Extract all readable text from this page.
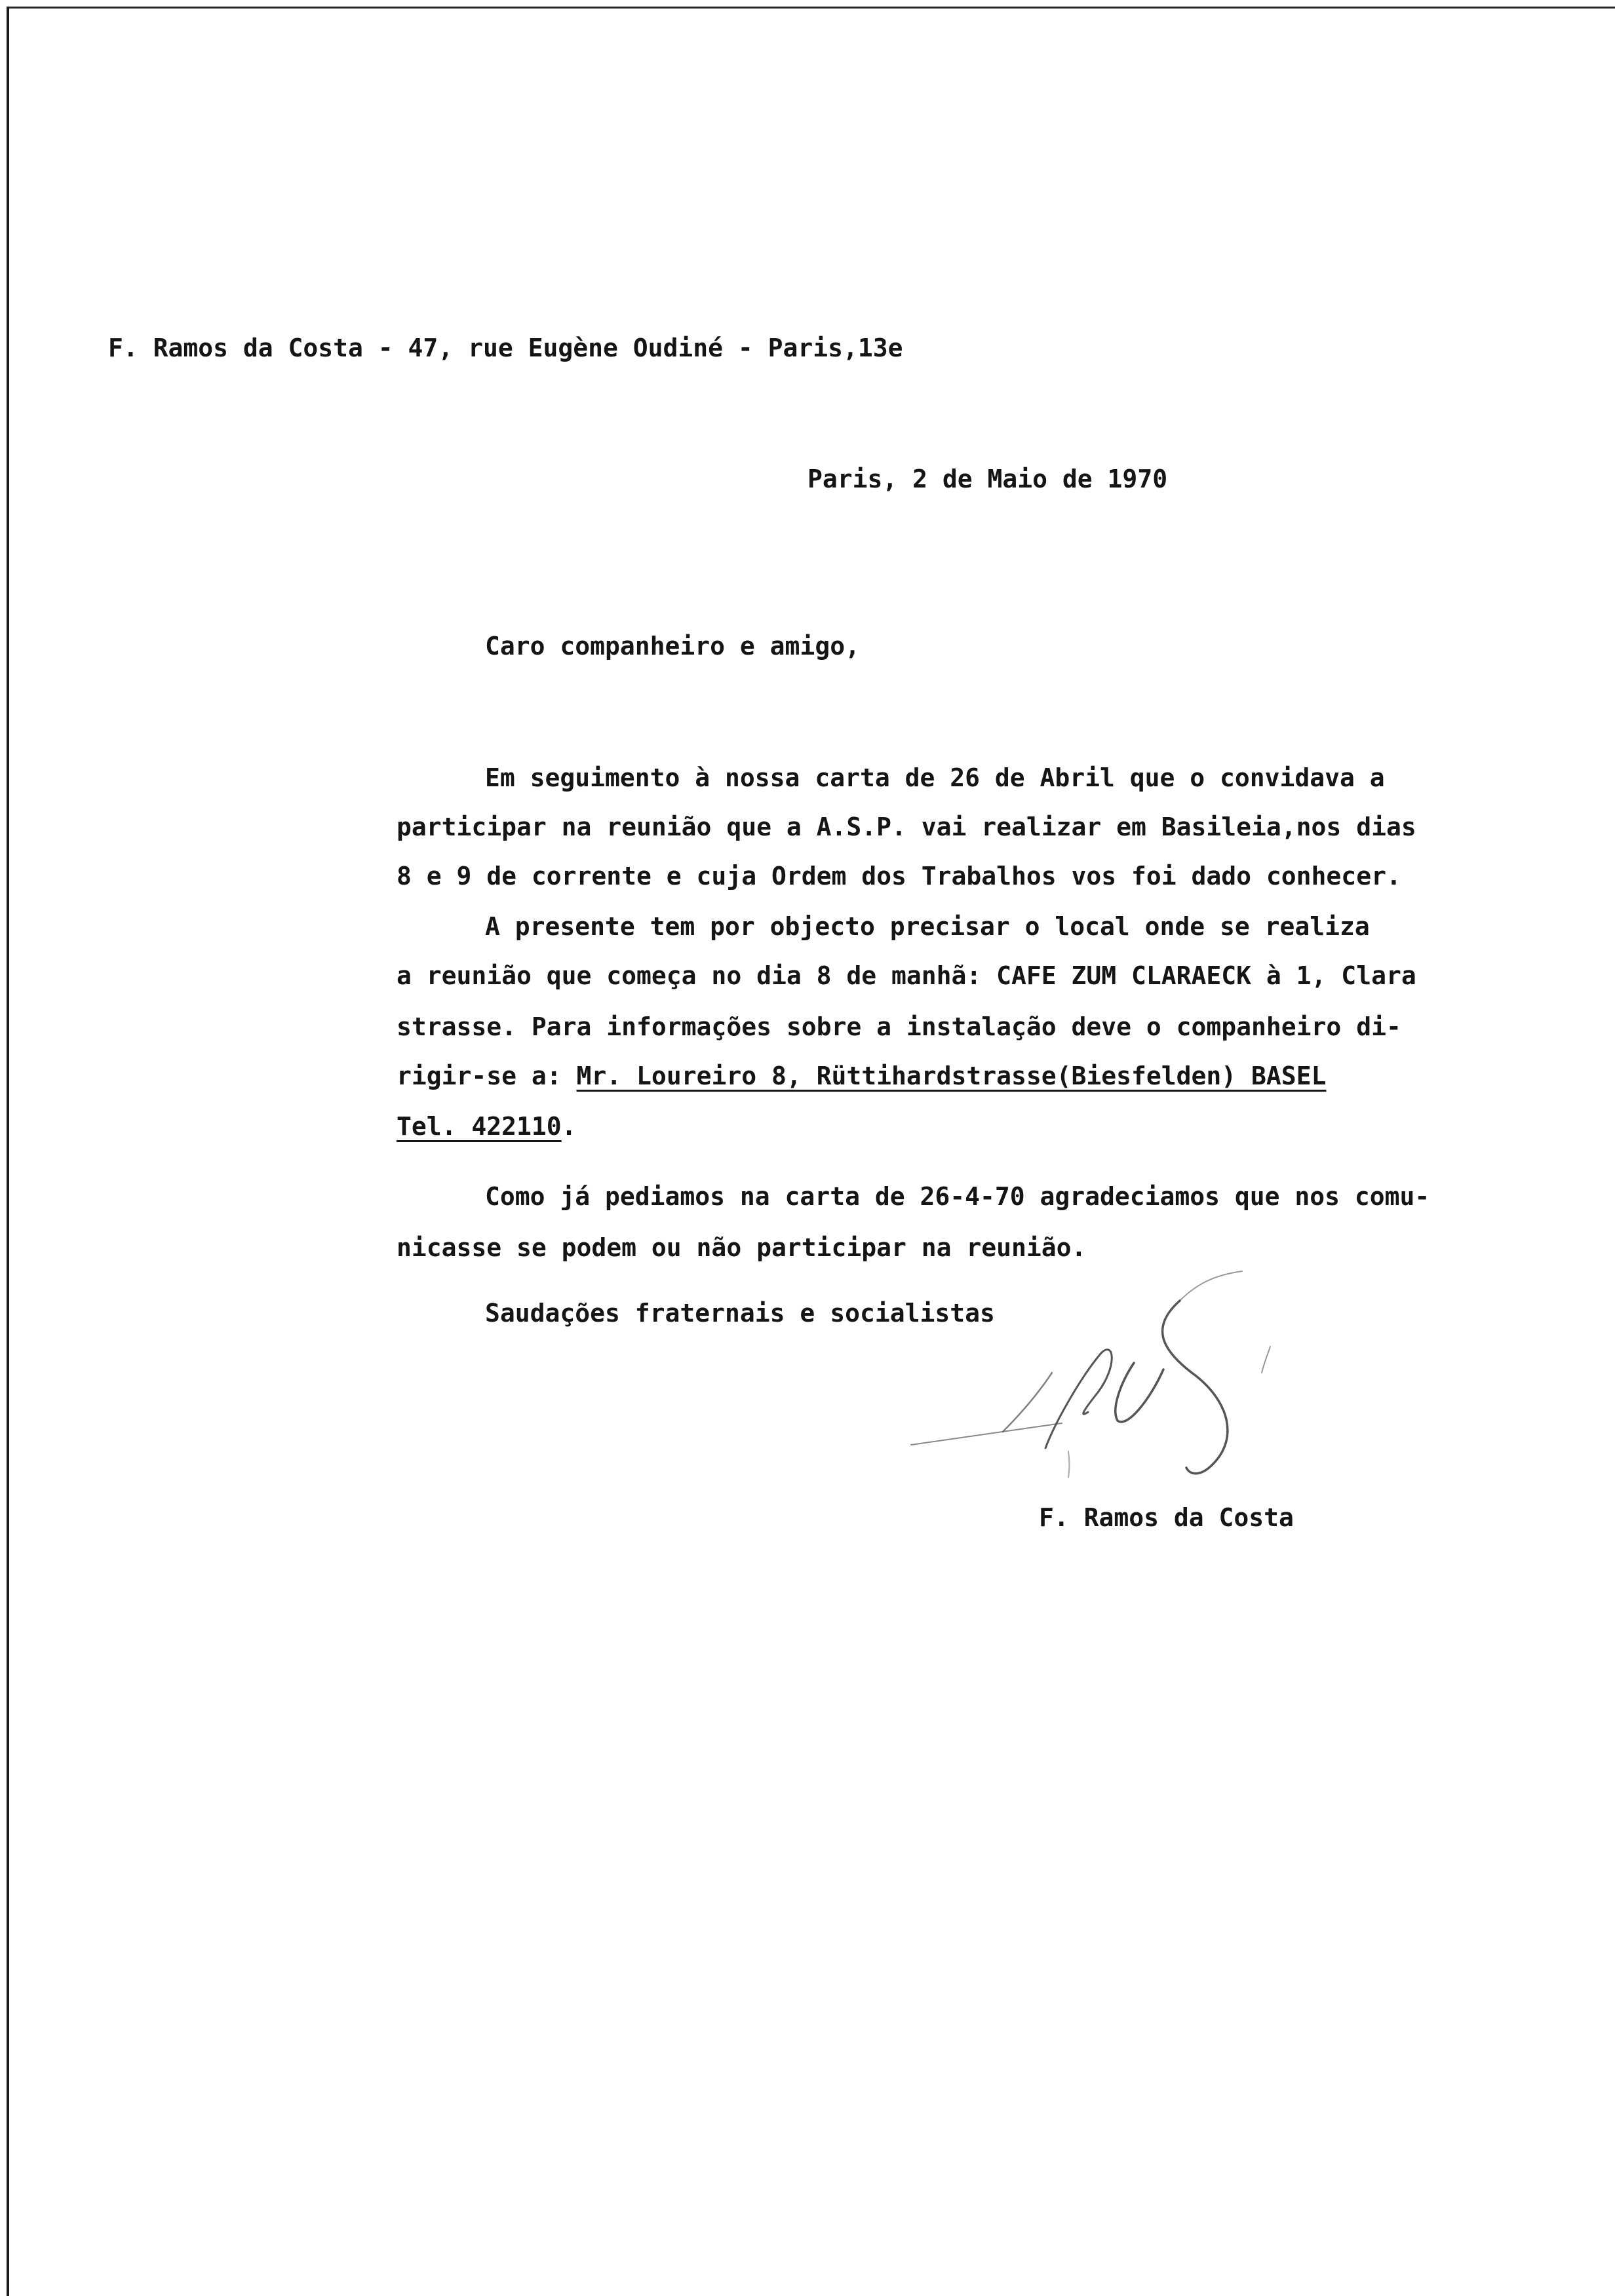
F. Ramos da Costa - 47, rue Eugène Oudiné - Paris,13e
Paris, 2 de Maio de 1970
Caro companheiro e amigo,
Em seguimento à nossa carta de 26 de Abril que o convidava a
participar na reunião que a A.S.P. vai realizar em Basileia,nos dias
8 e 9 de corrente e cuja Ordem dos Trabalhos vos foi dado conhecer.
A presente tem por objecto precisar o local onde se realiza
a reunião que começa no dia 8 de manhã: CAFE ZUM CLARAECK à 1, Clara
strasse. Para informações sobre a instalação deve o companheiro di-
rigir-se a: Mr. Loureiro 8, Rüttihardstrasse(Biesfelden) BASEL
Tel. 422110.
Como já pediamos na carta de 26-4-70 agradeciamos que nos comu-
nicasse se podem ou não participar na reunião.
Saudações fraternais e socialistas
F. Ramos da Costa
